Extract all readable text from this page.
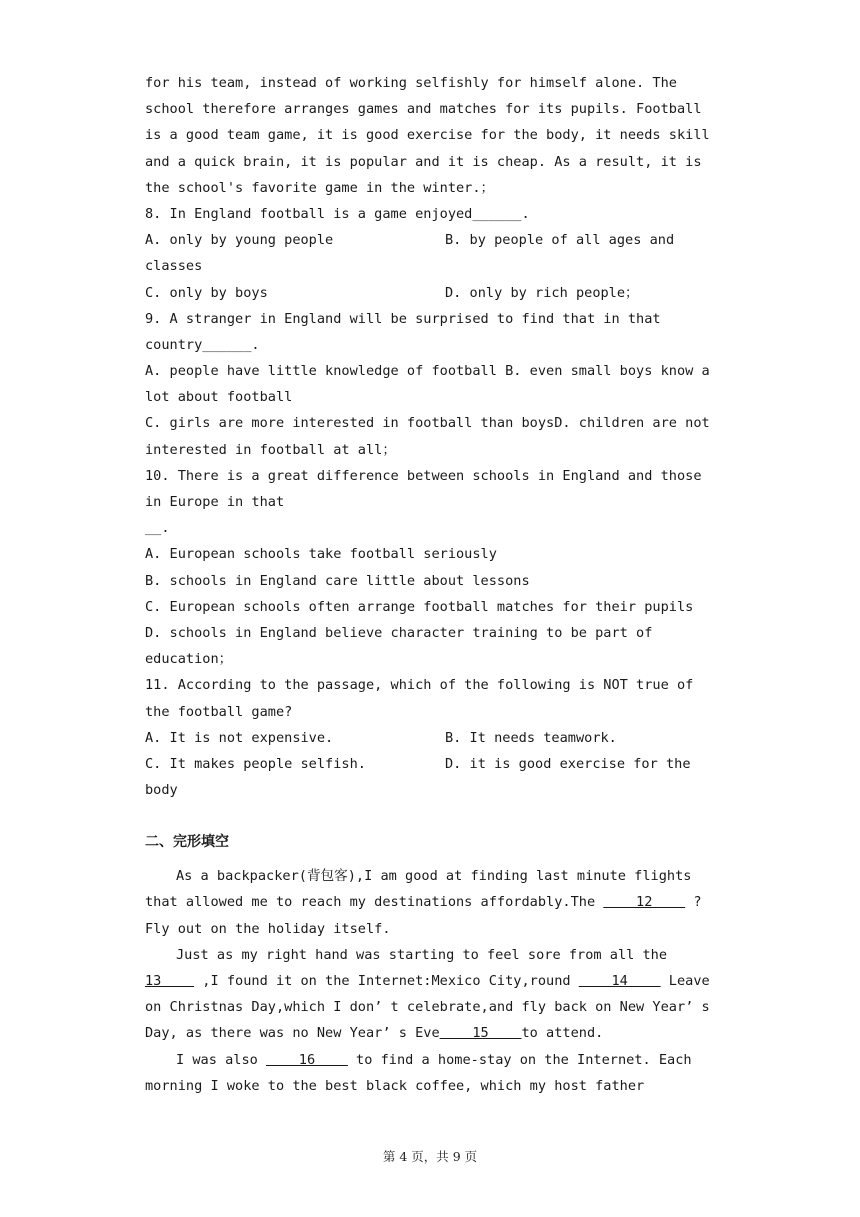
for his team, instead of working selfishly for himself alone. The
school therefore arranges games and matches for its pupils. Football
is a good team game, it is good exercise for the body, it needs skill
and a quick brain, it is popular and it is cheap. As a result, it is
the school's favorite game in the winter.；
8. In England football is a game enjoyed______.
A. only by young people	B. by people of all ages and
classes
C. only by boys	D. only by rich people；
9. A stranger in England will be surprised to find that in that
country______.
A. people have little knowledge of football B. even small boys know a
lot about football
C. girls are more interested in football than boysD. children are not
interested in football at all；
10. There is a great difference between schools in England and those
in Europe in that
__.
A. European schools take football seriously
B. schools in England care little about lessons
C. European schools often arrange football matches for their pupils
D. schools in England believe character training to be part of
education；
11. According to the passage, which of the following is NOT true of
the football game?
A. It is not expensive.	B. It needs teamwork.
C. It makes people selfish.	D. it is good exercise for the
body
二、完形填空
As a backpacker(背包客),I am good at finding last minute flights
that allowed me to reach my destinations affordably.The     12     ?
Fly out on the holiday itself.
Just as my right hand was starting to feel sore from all the
13     ,I found it on the Internet:Mexico City,round     14     Leave
on Christnas Day,which I don’ t celebrate,and fly back on New Year’ s
Day, as there was no New Year’ s Eve    15    to attend.
I was also     16     to find a home-stay on the Internet. Each
morning I woke to the best black coffee, which my host father
第 4 页，共 9 页
